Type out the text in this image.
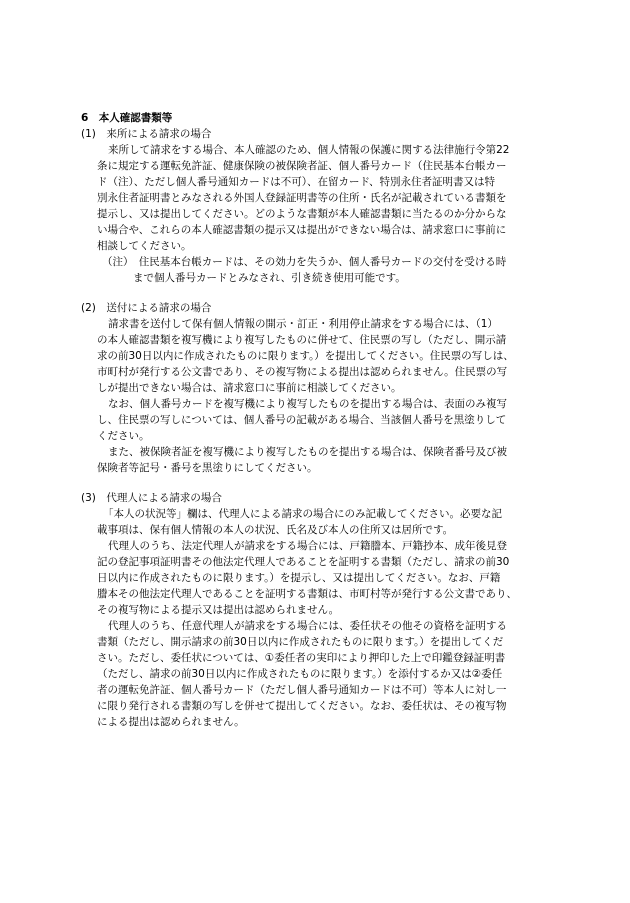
6　本人確認書類等
(1)　来所による請求の場合
来所して請求をする場合、本人確認のため、個人情報の保護に関する法律施行令第22
条に規定する運転免許証、健康保険の被保険者証、個人番号カード（住民基本台帳カー
ド（注）、ただし個人番号通知カードは不可）、在留カード、特別永住者証明書又は特
別永住者証明書とみなされる外国人登録証明書等の住所・氏名が記載されている書類を
提示し、又は提出してください。どのような書類が本人確認書類に当たるのか分からな
い場合や、これらの本人確認書類の提示又は提出ができない場合は、請求窓口に事前に
相談してください。
（注）　住民基本台帳カードは、その効力を失うか、個人番号カードの交付を受ける時
まで個人番号カードとみなされ、引き続き使用可能です。
(2)　送付による請求の場合
請求書を送付して保有個人情報の開示・訂正・利用停止請求をする場合には、（1）
の本人確認書類を複写機により複写したものに併せて、住民票の写し（ただし、開示請
求の前30日以内に作成されたものに限ります。）を提出してください。住民票の写しは、
市町村が発行する公文書であり、その複写物による提出は認められません。住民票の写
しが提出できない場合は、請求窓口に事前に相談してください。
なお、個人番号カードを複写機により複写したものを提出する場合は、表面のみ複写
し、住民票の写しについては、個人番号の記載がある場合、当該個人番号を黒塗りして
ください。
また、被保険者証を複写機により複写したものを提出する場合は、保険者番号及び被
保険者等記号・番号を黒塗りにしてください。
(3)　代理人による請求の場合
「本人の状況等」欄は、代理人による請求の場合にのみ記載してください。必要な記
載事項は、保有個人情報の本人の状況、氏名及び本人の住所又は居所です。
代理人のうち、法定代理人が請求をする場合には、戸籍謄本、戸籍抄本、成年後見登
記の登記事項証明書その他法定代理人であることを証明する書類（ただし、請求の前30
日以内に作成されたものに限ります。）を提示し、又は提出してください。なお、戸籍
謄本その他法定代理人であることを証明する書類は、市町村等が発行する公文書であり、
その複写物による提示又は提出は認められません。
代理人のうち、任意代理人が請求をする場合には、委任状その他その資格を証明する
書類（ただし、開示請求の前30日以内に作成されたものに限ります。）を提出してくだ
さい。ただし、委任状については、①委任者の実印により押印した上で印鑑登録証明書
（ただし、請求の前30日以内に作成されたものに限ります。）を添付するか又は②委任
者の運転免許証、個人番号カード（ただし個人番号通知カードは不可）等本人に対し一
に限り発行される書類の写しを併せて提出してください。なお、委任状は、その複写物
による提出は認められません。
